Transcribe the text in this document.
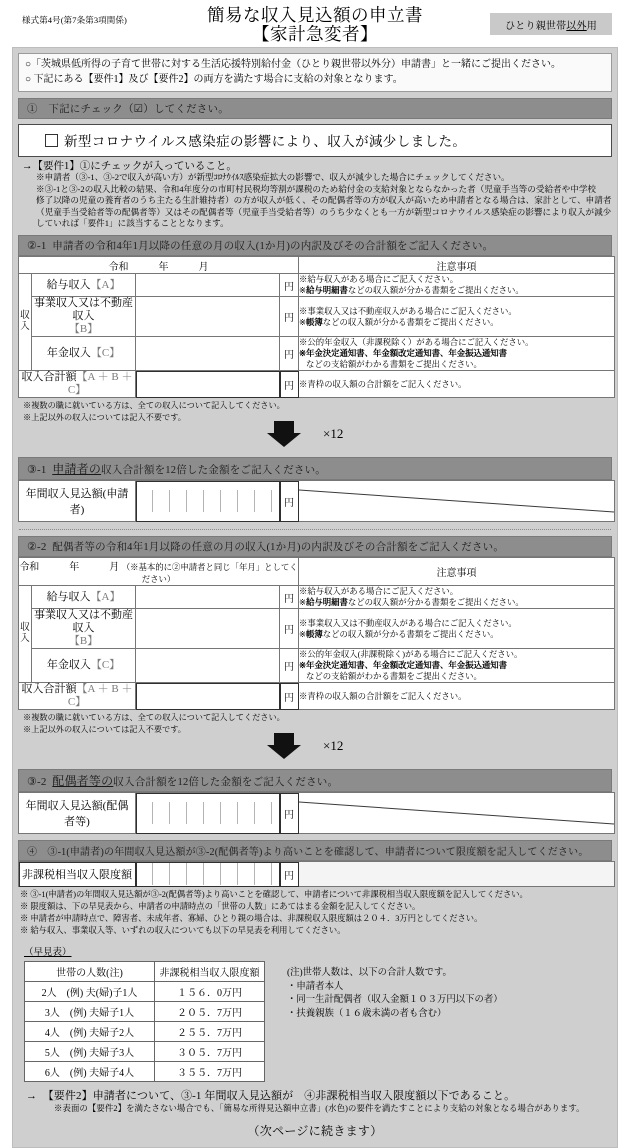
様式第4号(第7条第3項関係)	簡易な収入見込額の申立書
【家計急変者】	ひとり親世帯 以外 用
○「茨城県低所得の子育て世帯に対する生活応援特別給付金（ひとり親世帯以外分）申請書」と一緒にご提出ください。
○ 下記にある【要件1】及び【要件2】の両方を満たす場合に支給の対象となります。
①　下記にチェック（☑）してください。
新型コロナウイルス感染症の影響により、収入が減少しました。
→【要件1】①にチェックが入っていること。
※申請者（③-1、③-2で収入が高い方）が新型ｺﾛﾅｳｲﾙｽ感染症拡大の影響で、収入が減少した場合にチェックしてください。
※③-1と③-2の収入比較の結果、令和4年度分の市町村民税均等割が課税のため給付金の支給対象とならなかった者（児童手当等の受給者や中学校
修了以降の児童の養育者のうち主たる生計維持者）の方が収入が低く、その配偶者等の方が収入が高いため申請者となる場合は、家計として、申請者
（児童手当受給者等の配偶者等）又はその配偶者等（児童手当受給者等）のうち少なくとも一方が新型コロナウイルス感染症の影響により収入が減少
していれば「要件1」に該当することとなります。
②-1 申請者の令和4年1月以降の任意の月の収入(1か月)の内訳及びその合計額をご記入ください。
令和　　　年　　　月				注意事項
収入	給与収入【A】		円	※給与収入がある場合にご記入ください。
※給与明細書などの収入額が分かる書類をご提出ください。
	事業収入又は不動産収入
【B】		円	※事業収入又は不動産収入がある場合にご記入ください。
※帳簿などの収入額が分かる書類をご提出ください。
	年金収入【C】		円	※公的年金収入（非課税除く）がある場合にご記入ください。
※年金決定通知書、年金額改定通知書、年金振込通知書

などの支給額がわかる書類をご提出ください。

収入合計額【A ＋ B ＋ C】			円	※青枠の収入額の合計額をご記入ください。
※複数の職に就いている方は、全ての収入について記入してください。
※上記以外の収入については記入不要です。
×12
③-1 申請者の収入合計額を12倍した金額をご記入ください。
年間収入見込額(申請者)	
	円	
②-2 配偶者等の令和4年1月以降の任意の月の収入(1か月)の内訳及びその合計額をご記入ください。
令和　　　年　　　月 （※基本的に②申請者と同じ「年月」としてください）				注意事項
収入	給与収入【A】		円	※給与収入がある場合にご記入ください。
※給与明細書などの収入額が分かる書類をご提出ください。
	事業収入又は不動産収入
【B】		円	※事業収入又は不動産収入がある場合にご記入ください。
※帳簿などの収入額が分かる書類をご提出ください。
	年金収入【C】		円	※公的年金収入(非課税除く)がある場合にご記入ください。
※年金決定通知書、年金額改定通知書、年金振込通知書

などの支給額がわかる書類をご提出ください。

収入合計額【A ＋ B ＋ C】			円	※青枠の収入額の合計額をご記入ください。
※複数の職に就いている方は、全ての収入について記入してください。
※上記以外の収入については記入不要です。
×12
③-2 配偶者等の収入合計額を12倍した金額をご記入ください。
年間収入見込額(配偶者等)	
	円	
④　③-1(申請者)の年間収入見込額が③-2(配偶者等)より高いことを確認して、申請者について限度額を記入してください。
非課税相当収入限度額		円	
※ ③-1(申請者)の年間収入見込額が③-2(配偶者等)より高いことを確認して、申請者について非課税相当収入限度額を記入してください。
※ 限度額は、下の早見表から、申請者の申請時点の「世帯の人数」にあてはまる金額を記入してください。
※ 申請者が申請時点で、障害者、未成年者、寡婦、ひとり親の場合は、非課税収入限度額は２０４．3万円としてください。
※ 給与収入、事業収入等、いずれの収入についても以下の早見表を利用してください。
（早見表）
世帯の人数(注)	非課税相当収入限度額
2人　(例) 夫(婦)子1人	１５６．0万円
3人　(例) 夫婦子1人	２０５．7万円
4人　(例) 夫婦子2人	２５５．7万円
5人　(例) 夫婦子3人	３０５．7万円
6人　(例) 夫婦子4人	３５５．7万円
(注)世帯人数は、以下の合計人数です。
・申請者本人
・同一生計配偶者（収入金額１０３万円以下の者）
・扶養親族（１６歳未満の者も含む）
→　【要件2】申請者について、③-1 年間収入見込額が　④非課税相当収入限度額以下であること。
※表面の【要件2】を満たさない場合でも、「簡易な所得見込額申立書」(水色)の要件を満たすことにより支給の対象となる場合があります。
（次ページに続きます）
